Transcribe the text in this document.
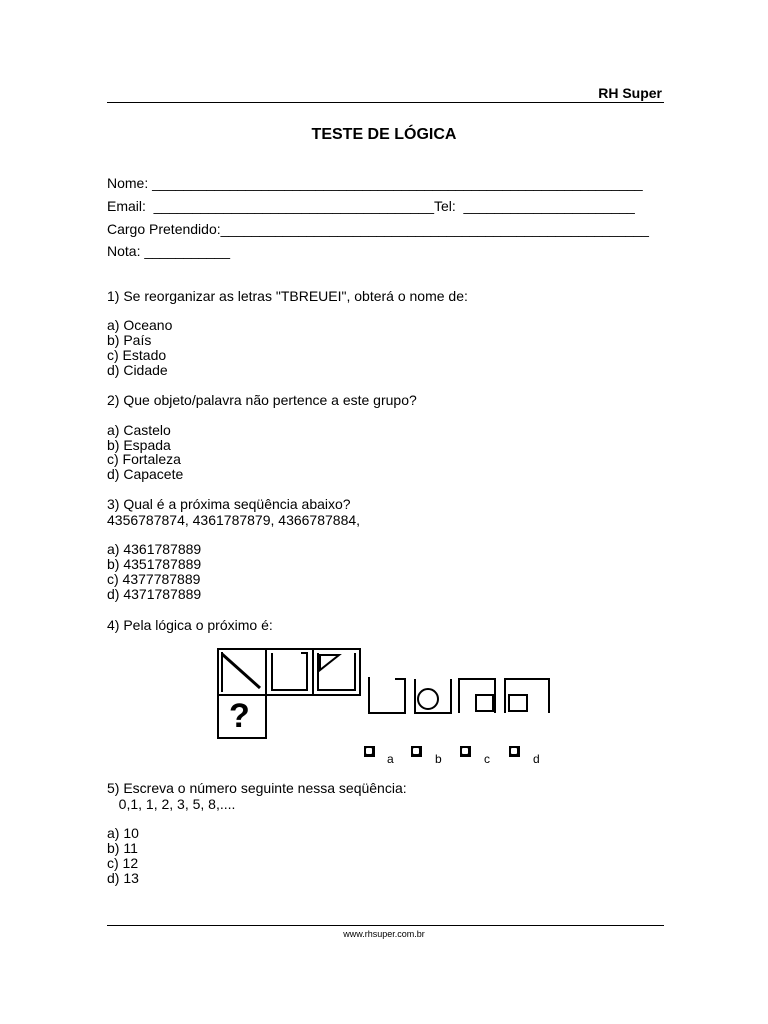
RH Super
TESTE DE LÓGICA
Nome: _______________________________________________________________
Email:  ____________________________________Tel:  ______________________
Cargo Pretendido:_______________________________________________________
Nota: ___________
1) Se reorganizar as letras "TBREUEI", obterá o nome de:
a) Oceano
b) País
c) Estado
d) Cidade
2) Que objeto/palavra não pertence a este grupo?
a) Castelo
b) Espada
c) Fortaleza
d) Capacete
3) Qual é a próxima seqüência abaixo?
4356787874, 4361787879, 4366787884,
a) 4361787889
b) 4351787889
c) 4377787889
d) 4371787889
4) Pela lógica o próximo é:
?
a	b	c	d
5) Escreva o número seguinte nessa seqüência:
0,1, 1, 2, 3, 5, 8,....
a) 10
b) 11
c) 12
d) 13
www.rhsuper.com.br
